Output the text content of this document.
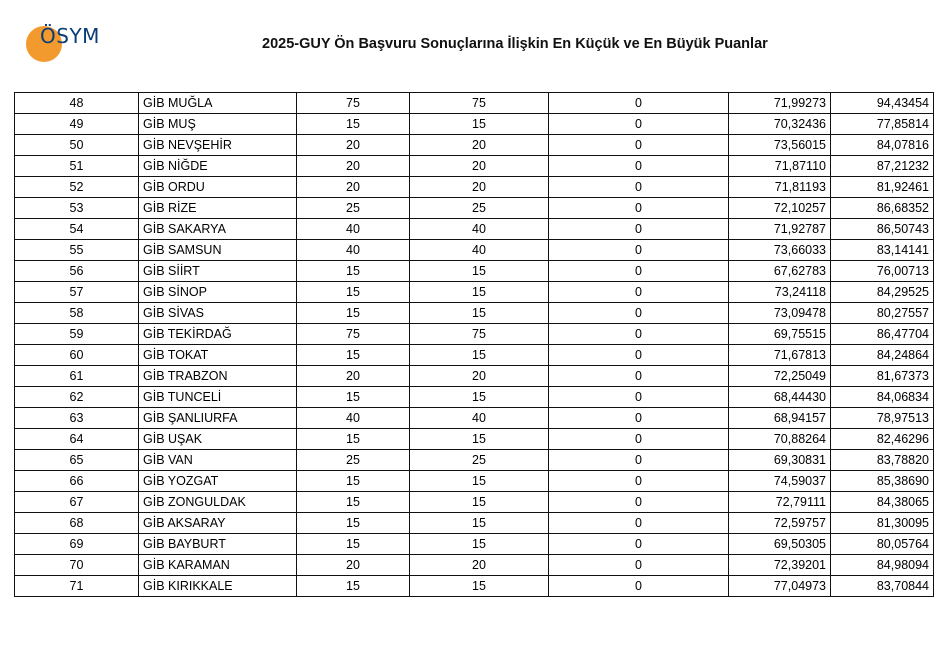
ÖSYM	2025-GUY Ön Başvuru Sonuçlarına İlişkin En Küçük ve En Büyük Puanlar
48	GİB MUĞLA	75	75	0	71,99273	94,43454
49	GİB MUŞ	15	15	0	70,32436	77,85814
50	GİB NEVŞEHİR	20	20	0	73,56015	84,07816
51	GİB NİĞDE	20	20	0	71,87110	87,21232
52	GİB ORDU	20	20	0	71,81193	81,92461
53	GİB RİZE	25	25	0	72,10257	86,68352
54	GİB SAKARYA	40	40	0	71,92787	86,50743
55	GİB SAMSUN	40	40	0	73,66033	83,14141
56	GİB SİİRT	15	15	0	67,62783	76,00713
57	GİB SİNOP	15	15	0	73,24118	84,29525
58	GİB SİVAS	15	15	0	73,09478	80,27557
59	GİB TEKİRDAĞ	75	75	0	69,75515	86,47704
60	GİB TOKAT	15	15	0	71,67813	84,24864
61	GİB TRABZON	20	20	0	72,25049	81,67373
62	GİB TUNCELİ	15	15	0	68,44430	84,06834
63	GİB ŞANLIURFA	40	40	0	68,94157	78,97513
64	GİB UŞAK	15	15	0	70,88264	82,46296
65	GİB VAN	25	25	0	69,30831	83,78820
66	GİB YOZGAT	15	15	0	74,59037	85,38690
67	GİB ZONGULDAK	15	15	0	72,79111	84,38065
68	GİB AKSARAY	15	15	0	72,59757	81,30095
69	GİB BAYBURT	15	15	0	69,50305	80,05764
70	GİB KARAMAN	20	20	0	72,39201	84,98094
71	GİB KIRIKKALE	15	15	0	77,04973	83,70844
